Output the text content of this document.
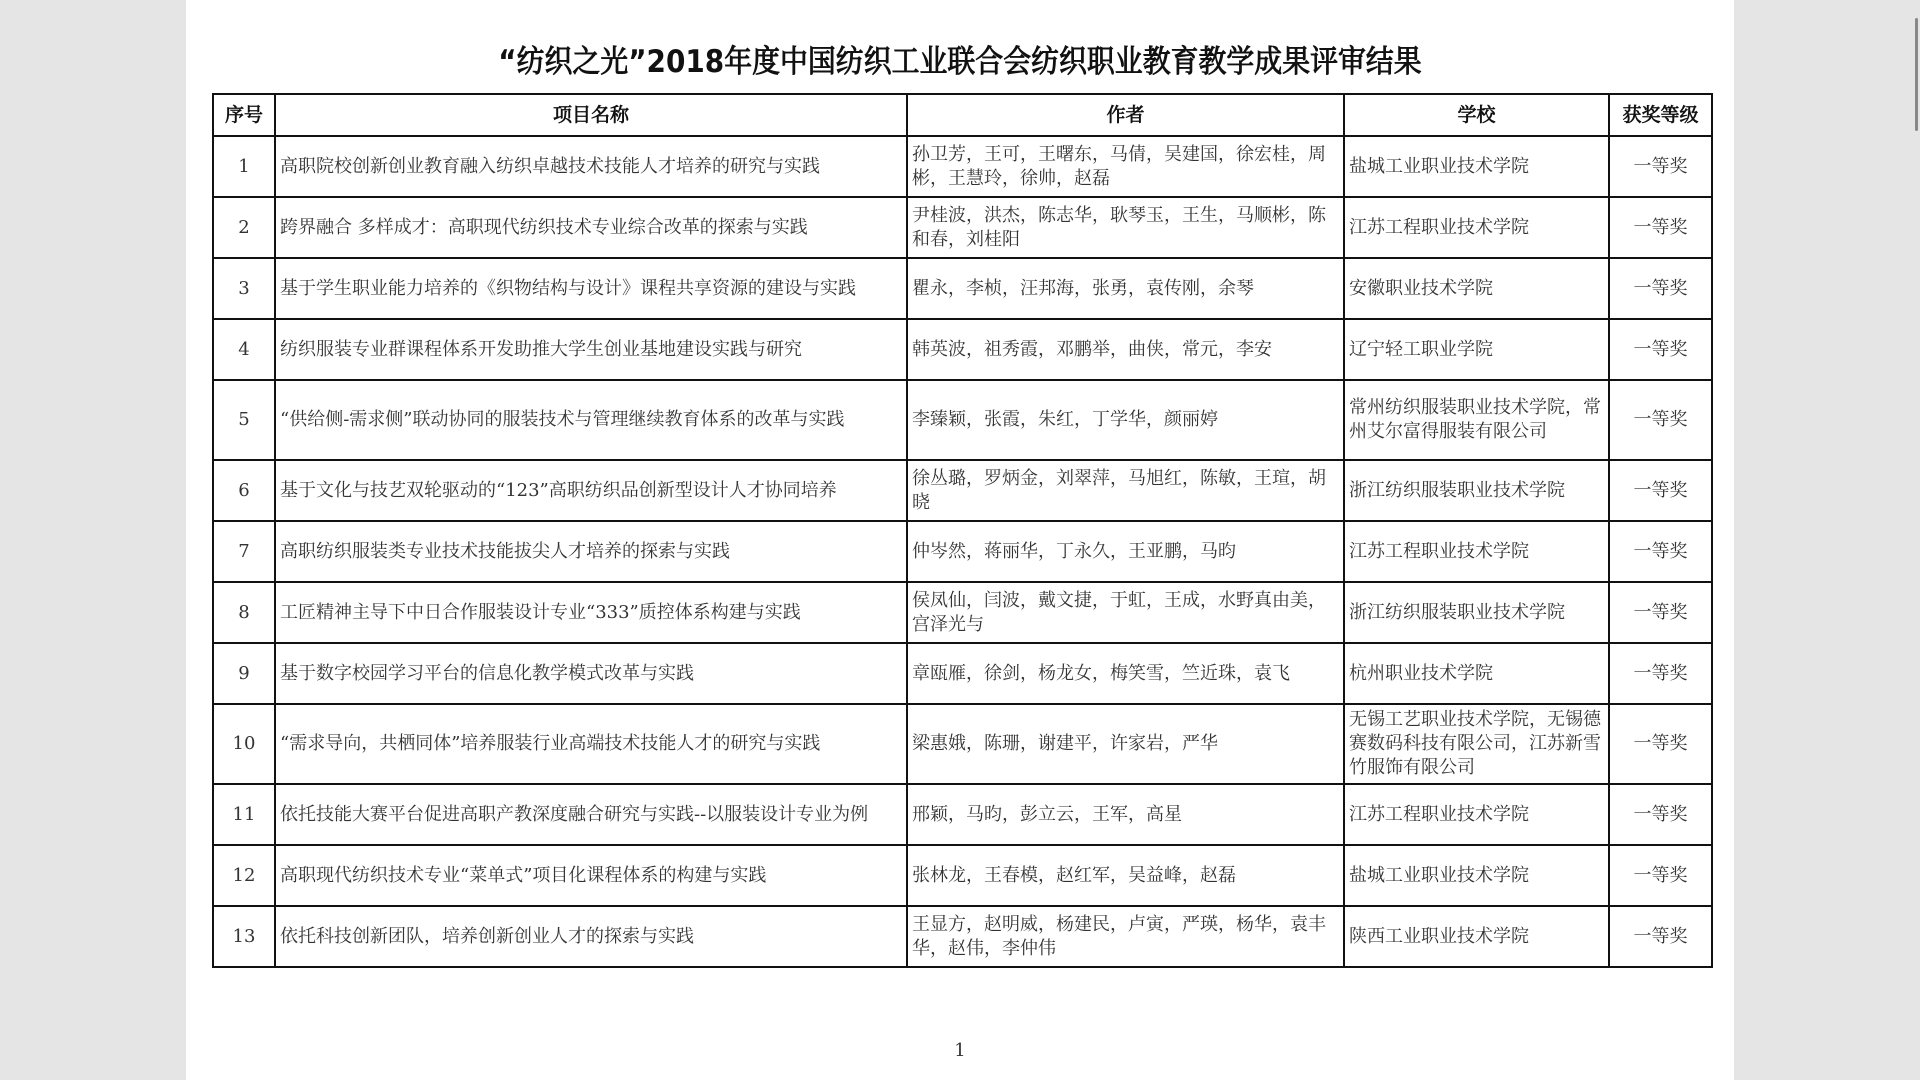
“纺织之光”2018年度中国纺织工业联合会纺织职业教育教学成果评审结果
序号	项目名称	作者	学校	获奖等级
1	高职院校创新创业教育融入纺织卓越技术技能人才培养的研究与实践	孙卫芳，王可，王曙东，马倩，吴建国，徐宏桂，周彬，王慧玲，徐帅，赵磊	盐城工业职业技术学院	一等奖
2	跨界融合 多样成才：高职现代纺织技术专业综合改革的探索与实践	尹桂波，洪杰，陈志华，耿琴玉，王生，马顺彬，陈和春，刘桂阳	江苏工程职业技术学院	一等奖
3	基于学生职业能力培养的《织物结构与设计》课程共享资源的建设与实践	瞿永，李桢，汪邦海，张勇，袁传刚，余琴	安徽职业技术学院	一等奖
4	纺织服装专业群课程体系开发助推大学生创业基地建设实践与研究	韩英波，祖秀霞，邓鹏举，曲侠，常元，李安	辽宁轻工职业学院	一等奖
5	“供给侧-需求侧”联动协同的服装技术与管理继续教育体系的改革与实践	李臻颖，张霞，朱红，丁学华，颜丽婷	常州纺织服装职业技术学院，常州艾尔富得服装有限公司	一等奖
6	基于文化与技艺双轮驱动的“123”高职纺织品创新型设计人才协同培养	徐丛璐，罗炳金，刘翠萍，马旭红，陈敏，王瑄，胡晓	浙江纺织服装职业技术学院	一等奖
7	高职纺织服装类专业技术技能拔尖人才培养的探索与实践	仲岑然，蒋丽华，丁永久，王亚鹏，马昀	江苏工程职业技术学院	一等奖
8	工匠精神主导下中日合作服装设计专业“333”质控体系构建与实践	侯凤仙，闫波，戴文捷，于虹，王成，水野真由美，宫泽光与	浙江纺织服装职业技术学院	一等奖
9	基于数字校园学习平台的信息化教学模式改革与实践	章瓯雁，徐剑，杨龙女，梅笑雪，竺近珠，袁飞	杭州职业技术学院	一等奖
10	“需求导向，共栖同体”培养服装行业高端技术技能人才的研究与实践	梁惠娥，陈珊，谢建平，许家岩，严华	无锡工艺职业技术学院，无锡德赛数码科技有限公司，江苏新雪竹服饰有限公司	一等奖
11	依托技能大赛平台促进高职产教深度融合研究与实践--以服装设计专业为例	邢颖，马昀，彭立云，王军，高星	江苏工程职业技术学院	一等奖
12	高职现代纺织技术专业“菜单式”项目化课程体系的构建与实践	张林龙，王春模，赵红军，吴益峰，赵磊	盐城工业职业技术学院	一等奖
13	依托科技创新团队，培养创新创业人才的探索与实践	王显方，赵明威，杨建民，卢寅，严瑛，杨华，袁丰华，赵伟，李仲伟	陕西工业职业技术学院	一等奖
1
